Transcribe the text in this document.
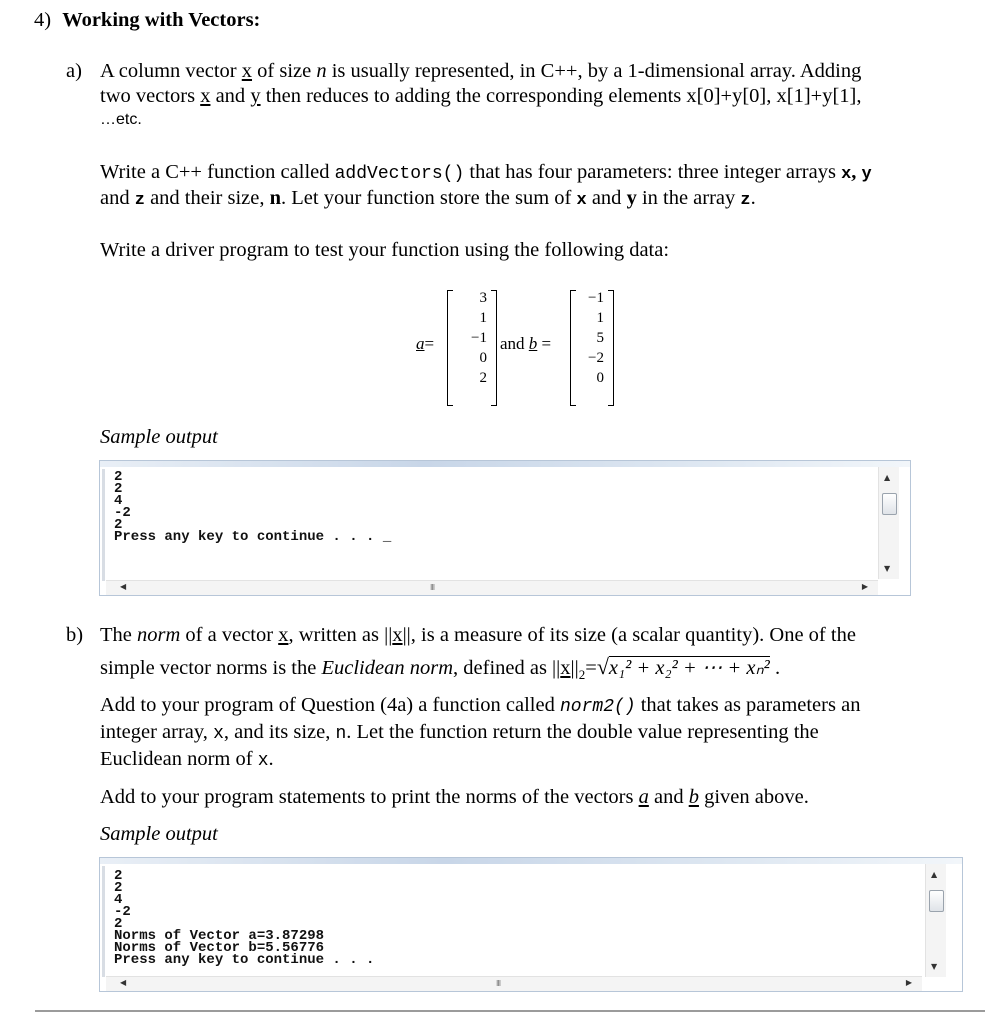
4) Working with Vectors:
a) A column vector x of size n is usually represented, in C++, by a 1-dimensional array. Adding
two vectors x and y then reduces to adding the corresponding elements x[0]+y[0], x[1]+y[1],
…etc.
Write a C++ function called addVectors() that has four parameters: three integer arrays x, y
and z and their size, n. Let your function store the sum of x and y in the array z.
Write a driver program to test your function using the following data:
a=
3
1
−1
0
2
and b =
−1
1
5
−2
0
Sample output
2
2
4
-2
2
Press any key to continue . . . _
▲
▼
◀	III	▶
b) The norm of a vector x, written as ||x||, is a measure of its size (a scalar quantity). One of the
simple vector norms is the Euclidean norm, defined as $||x||_2=√x_1^2 + x_2^2$ + ⋯ + xₙ² .
Add to your program of Question (4a) a function called norm2() that takes as parameters an
integer array, x, and its size, n. Let the function return the double value representing the
Euclidean norm of x.
Add to your program statements to print the norms of the vectors a and b given above.
Sample output
2
2
4
-2
2
Norms of Vector a=3.87298
Norms of Vector b=5.56776
Press any key to continue . . .
▲
▼
◀	III	▶
